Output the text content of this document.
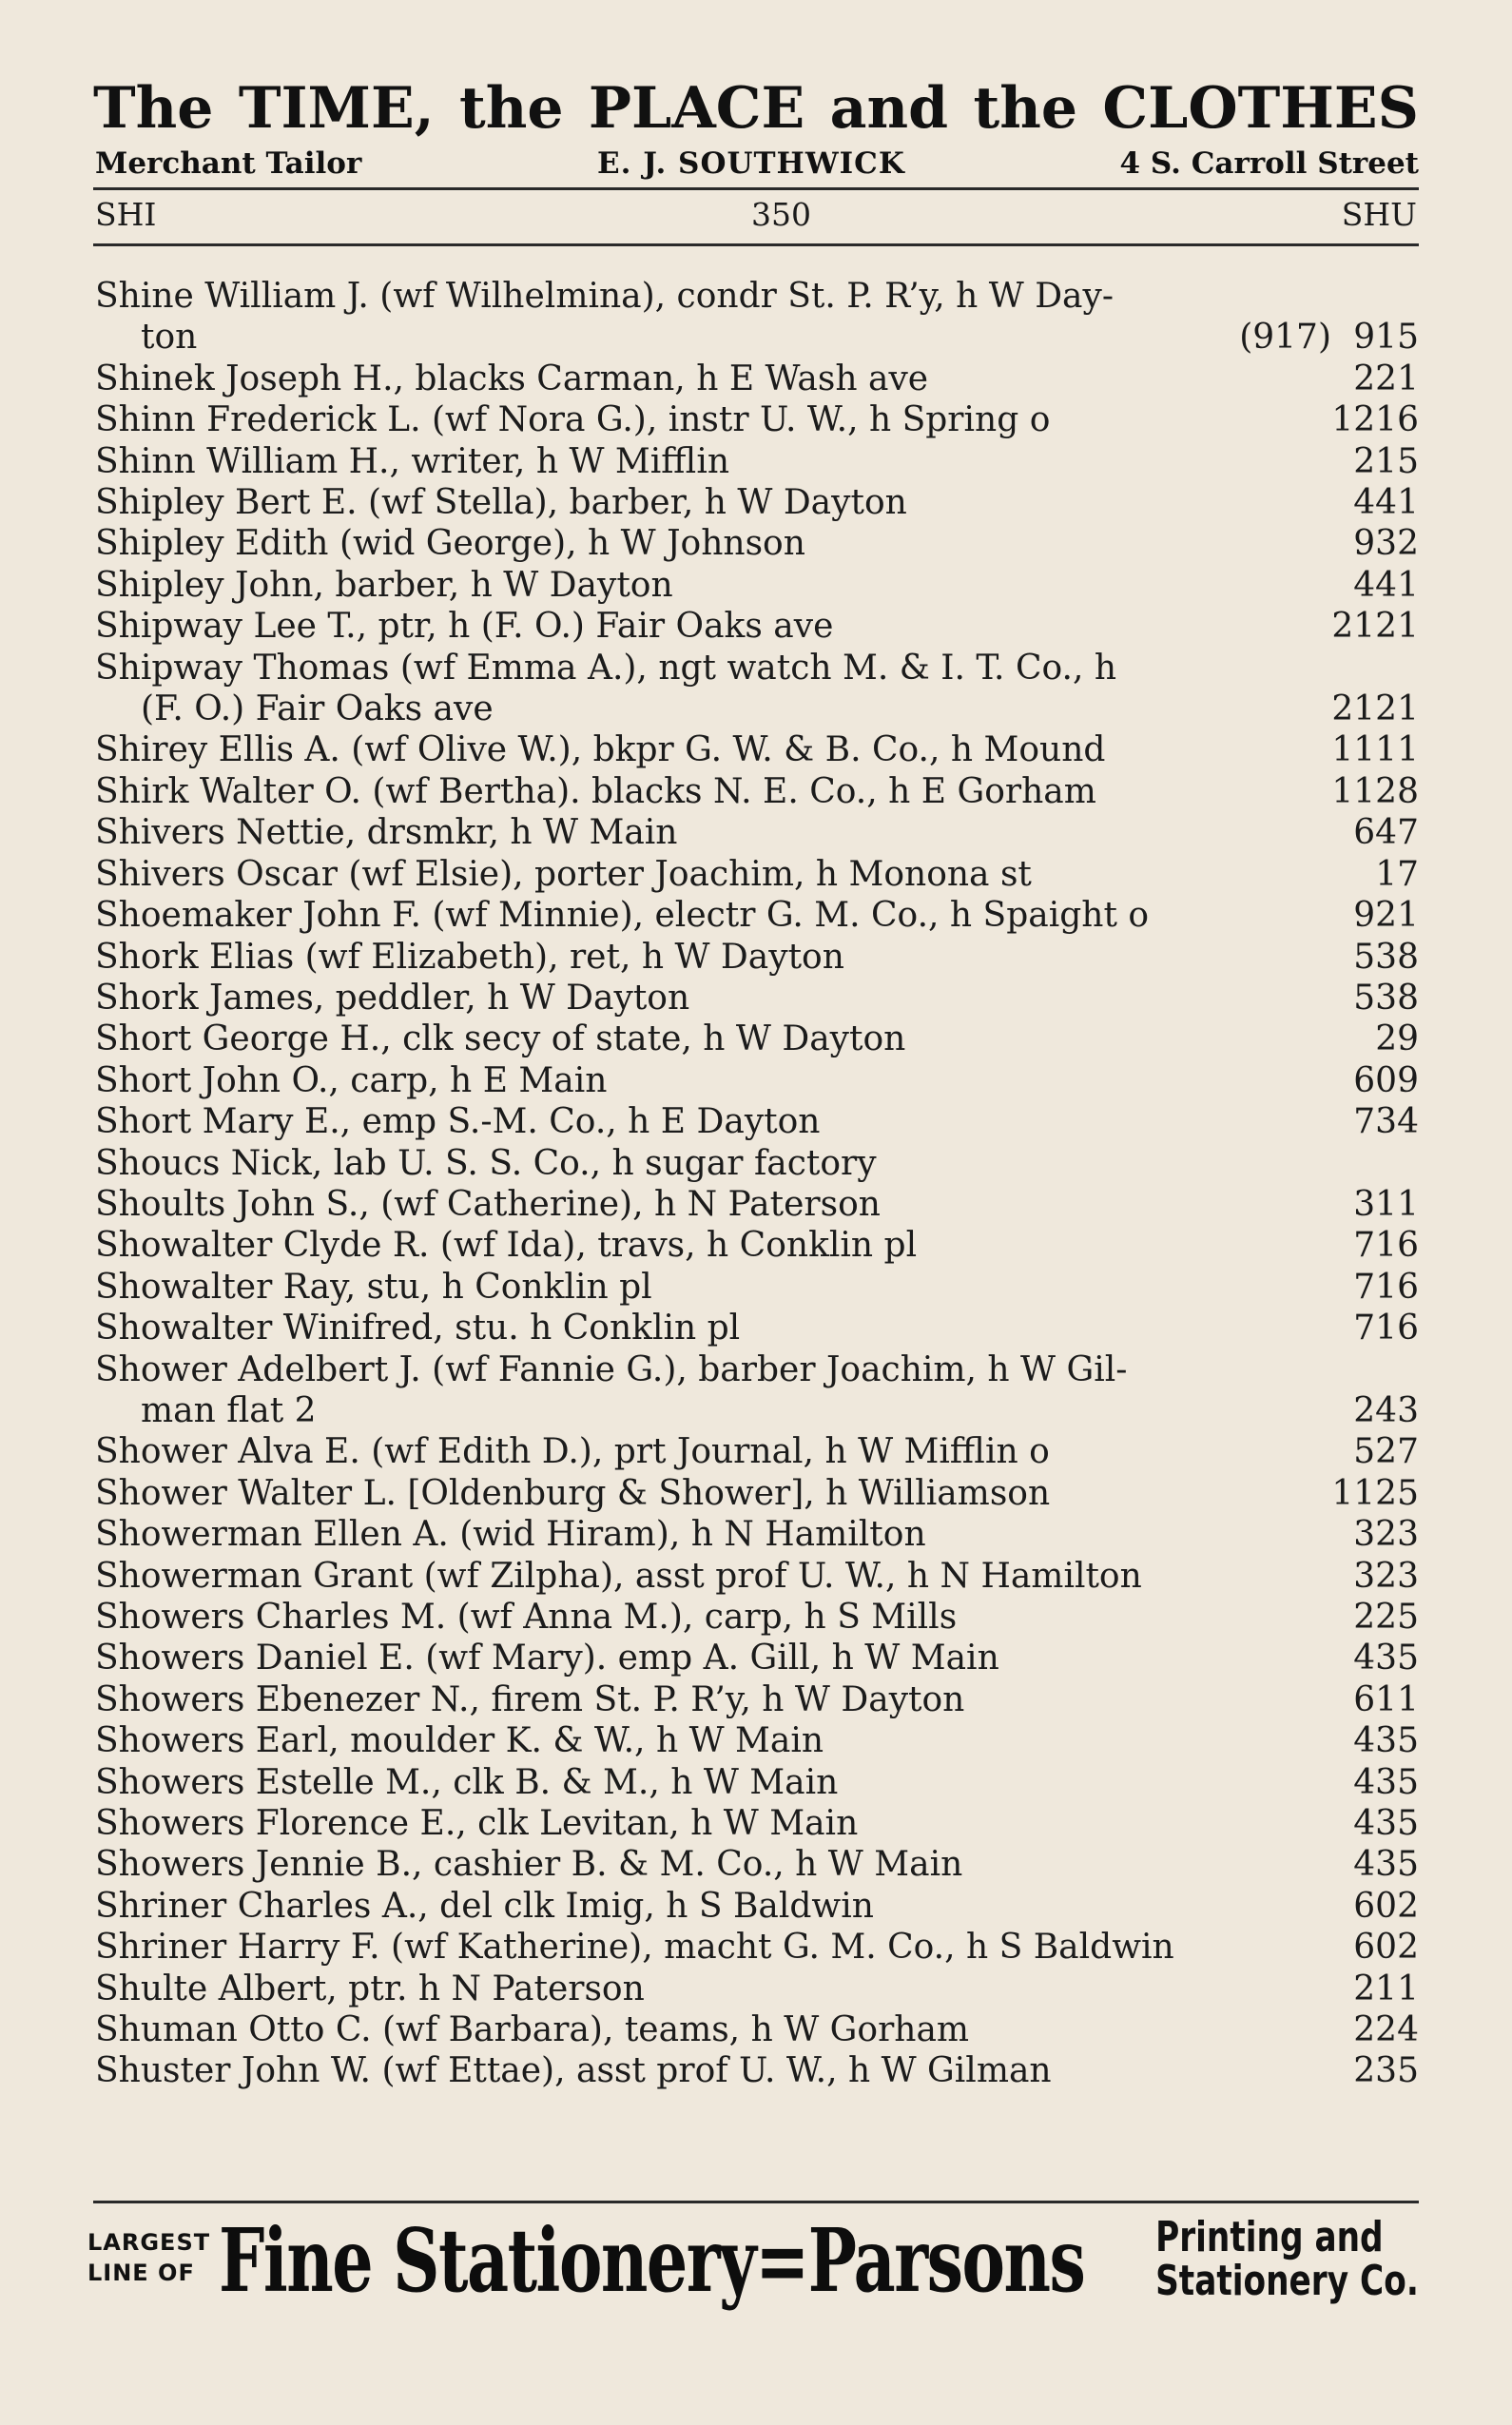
The TIME, the PLACE and the CLOTHES
Merchant Tailor	E. J. SOUTHWICK	4 S. Carroll Street
SHI	350	SHU
Shine William J. (wf Wilhelmina), condr St. P. R’y, h W Day-
ton	(917) 915
Shinek Joseph H., blacks Carman, h E Wash ave	221
Shinn Frederick L. (wf Nora G.), instr U. W., h Spring o	1216
Shinn William H., writer, h W Mifflin	215
Shipley Bert E. (wf Stella), barber, h W Dayton	441
Shipley Edith (wid George), h W Johnson	932
Shipley John, barber, h W Dayton	441
Shipway Lee T., ptr, h (F. O.) Fair Oaks ave	2121
Shipway Thomas (wf Emma A.), ngt watch M. & I. T. Co., h
(F. O.) Fair Oaks ave	2121
Shirey Ellis A. (wf Olive W.), bkpr G. W. & B. Co., h Mound	1111
Shirk Walter O. (wf Bertha). blacks N. E. Co., h E Gorham	1128
Shivers Nettie, drsmkr, h W Main	647
Shivers Oscar (wf Elsie), porter Joachim, h Monona st	17
Shoemaker John F. (wf Minnie), electr G. M. Co., h Spaight o	921
Shork Elias (wf Elizabeth), ret, h W Dayton	538
Shork James, peddler, h W Dayton	538
Short George H., clk secy of state, h W Dayton	29
Short John O., carp, h E Main	609
Short Mary E., emp S.-M. Co., h E Dayton	734
Shoucs Nick, lab U. S. S. Co., h sugar factory
Shoults John S., (wf Catherine), h N Paterson	311
Showalter Clyde R. (wf Ida), travs, h Conklin pl	716
Showalter Ray, stu, h Conklin pl	716
Showalter Winifred, stu. h Conklin pl	716
Shower Adelbert J. (wf Fannie G.), barber Joachim, h W Gil-
man flat 2	243
Shower Alva E. (wf Edith D.), prt Journal, h W Mifflin o	527
Shower Walter L. [Oldenburg & Shower], h Williamson	1125
Showerman Ellen A. (wid Hiram), h N Hamilton	323
Showerman Grant (wf Zilpha), asst prof U. W., h N Hamilton	323
Showers Charles M. (wf Anna M.), carp, h S Mills	225
Showers Daniel E. (wf Mary). emp A. Gill, h W Main	435
Showers Ebenezer N., firem St. P. R’y, h W Dayton	611
Showers Earl, moulder K. & W., h W Main	435
Showers Estelle M., clk B. & M., h W Main	435
Showers Florence E., clk Levitan, h W Main	435
Showers Jennie B., cashier B. & M. Co., h W Main	435
Shriner Charles A., del clk Imig, h S Baldwin	602
Shriner Harry F. (wf Katherine), macht G. M. Co., h S Baldwin	602
Shulte Albert, ptr. h N Paterson	211
Shuman Otto C. (wf Barbara), teams, h W Gorham	224
Shuster John W. (wf Ettae), asst prof U. W., h W Gilman	235
LARGEST
LINE OF Fine Stationery=Parsons Printing and
Stationery Co.
